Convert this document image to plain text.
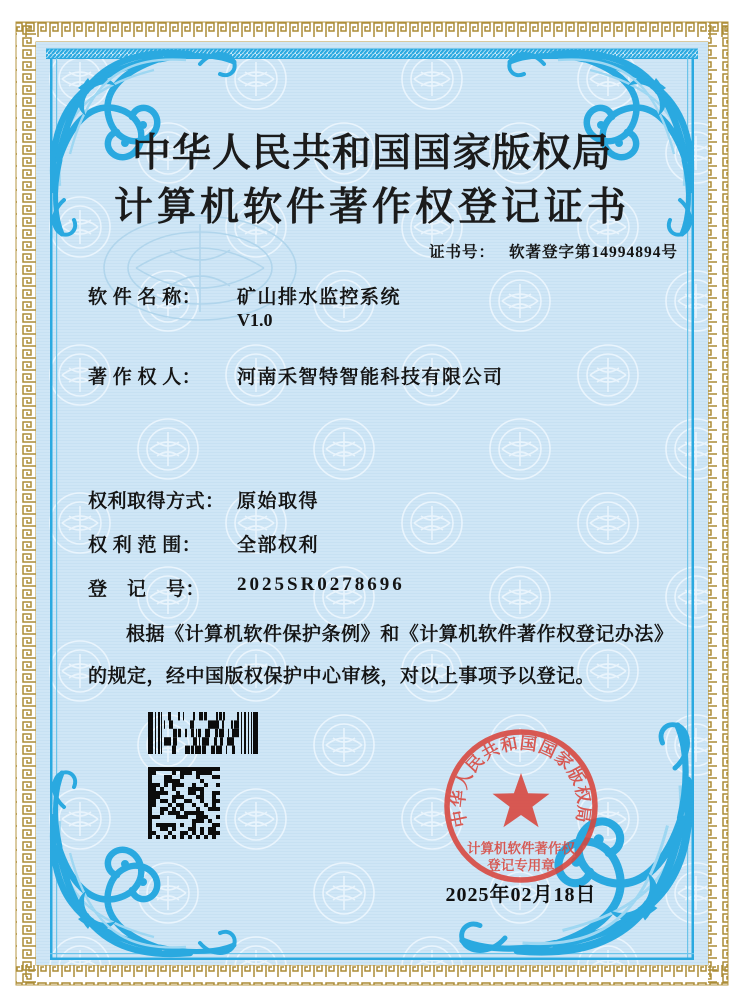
中华人民共和国国家版权局
计算机软件著作权登记证书
证书号： 软著登字第14994894号
软 件 名 称： 矿山排水监控系统
V1.0
著 作 权 人： 河南禾智特智能科技有限公司
权利取得方式： 原始取得
权 利 范 围： 全部权利
登　记　号： 2025SR0278696
根据《计算机软件保护条例》和《计算机软件著作权登记办法》的规定，经中国版权保护中心审核，对以上事项予以登记。
中华人民共和国国家版权局
计算机软件著作权
登记专用章
2025年02月18日
